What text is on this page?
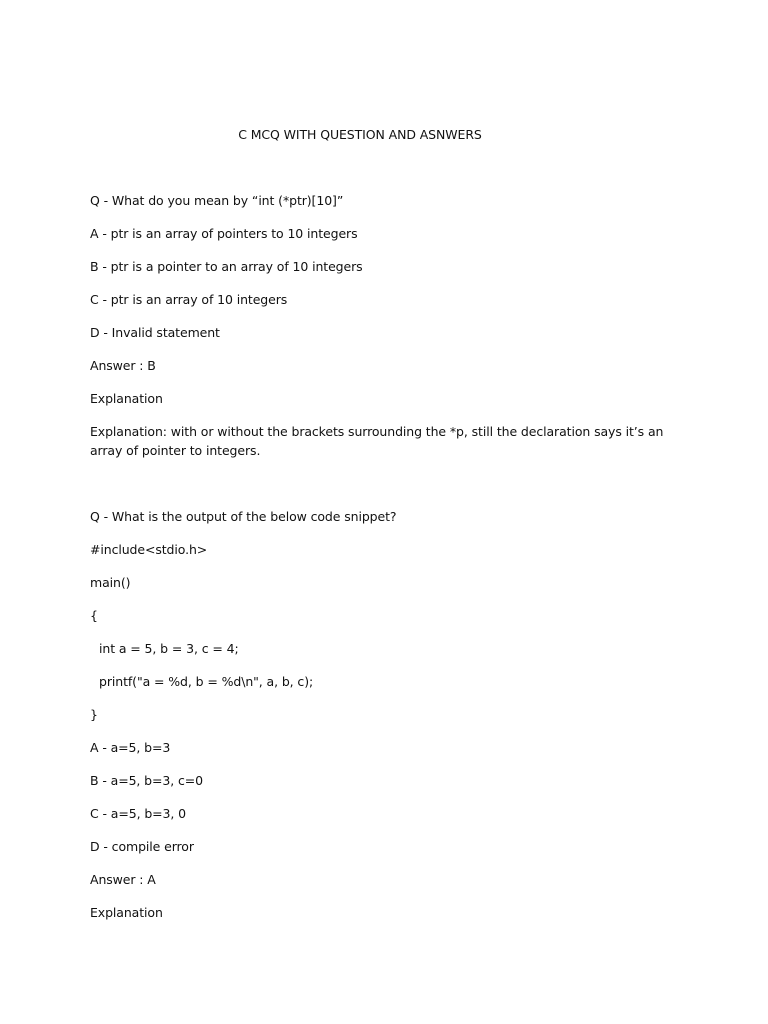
C MCQ WITH QUESTION AND ASNWERS
Q - What do you mean by “int (*ptr)[10]”
A - ptr is an array of pointers to 10 integers
B - ptr is a pointer to an array of 10 integers
C - ptr is an array of 10 integers
D - Invalid statement
Answer : B
Explanation
Explanation: with or without the brackets surrounding the *p, still the declaration says it’s an array of pointer to integers.
Q - What is the output of the below code snippet?
#include<stdio.h>
main()
{
int a = 5, b = 3, c = 4;
printf("a = %d, b = %d\n", a, b, c);
}
A - a=5, b=3
B - a=5, b=3, c=0
C - a=5, b=3, 0
D - compile error
Answer : A
Explanation
